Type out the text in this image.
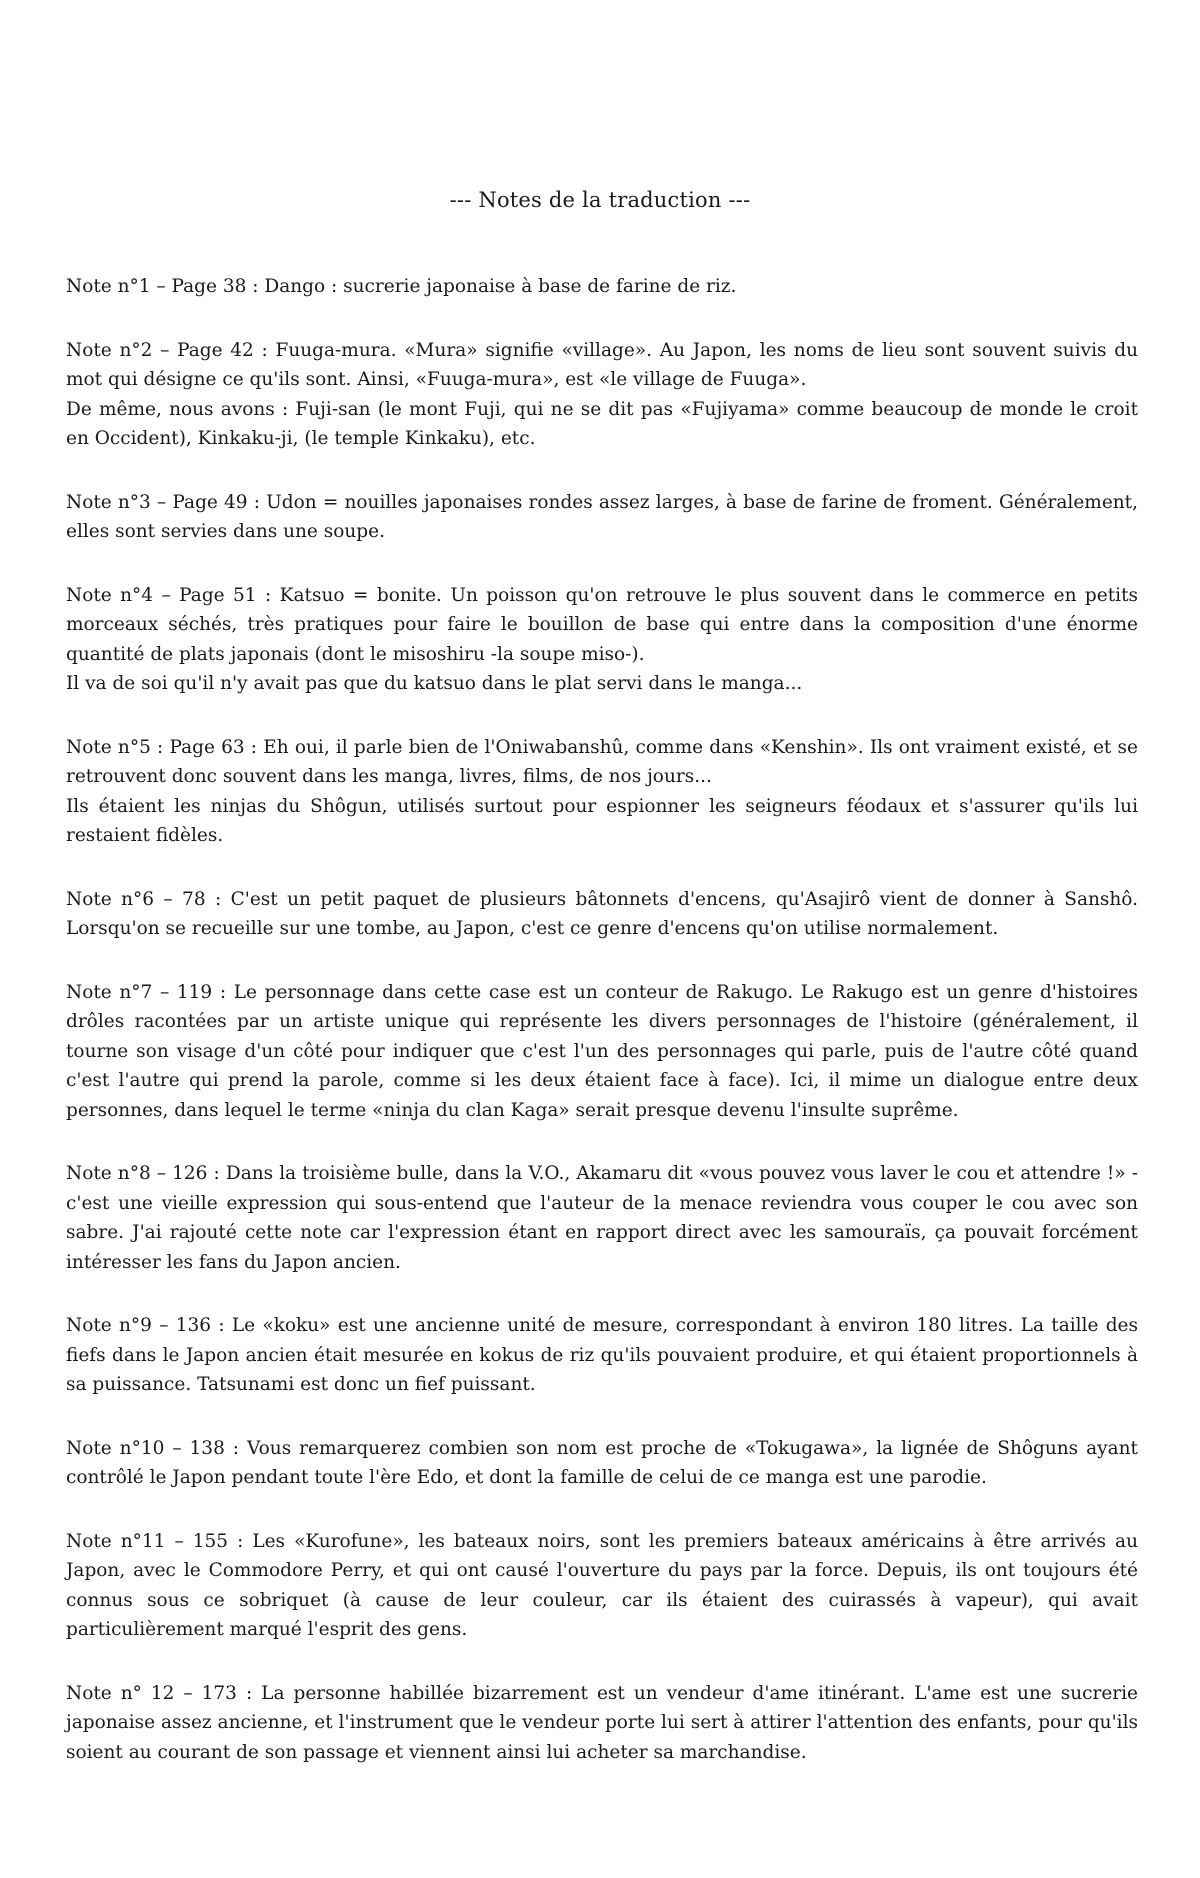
--- Notes de la traduction ---

Note n°1 – Page 38 : Dango : sucrerie japonaise à base de farine de riz.

Note n°2 – Page 42 : Fuuga-mura. «Mura» signifie «village». Au Japon, les noms de lieu sont souvent suivis du mot qui désigne ce qu'ils sont. Ainsi, «Fuuga-mura», est «le village de Fuuga».

De même, nous avons : Fuji-san (le mont Fuji, qui ne se dit pas «Fujiyama» comme beaucoup de monde le croit en Occident), Kinkaku-ji, (le temple Kinkaku), etc.

Note n°3 – Page 49 : Udon = nouilles japonaises rondes assez larges, à base de farine de froment. Généralement, elles sont servies dans une soupe.

Note n°4 – Page 51 : Katsuo = bonite. Un poisson qu'on retrouve le plus souvent dans le commerce en petits morceaux séchés, très pratiques pour faire le bouillon de base qui entre dans la composition d'une énorme quantité de plats japonais (dont le misoshiru -la soupe miso-).

Il va de soi qu'il n'y avait pas que du katsuo dans le plat servi dans le manga...

Note n°5 : Page 63 : Eh oui, il parle bien de l'Oniwabanshû, comme dans «Kenshin». Ils ont vraiment existé, et se retrouvent donc souvent dans les manga, livres, films, de nos jours...

Ils étaient les ninjas du Shôgun, utilisés surtout pour espionner les seigneurs féodaux et s'assurer qu'ils lui restaient fidèles.

Note n°6 – 78 : C'est un petit paquet de plusieurs bâtonnets d'encens, qu'Asajirô vient de donner à Sanshô. Lorsqu'on se recueille sur une tombe, au Japon, c'est ce genre d'encens qu'on utilise normalement.

Note n°7 – 119 : Le personnage dans cette case est un conteur de Rakugo. Le Rakugo est un genre d'histoires drôles racontées par un artiste unique qui représente les divers personnages de l'histoire (généralement, il tourne son visage d'un côté pour indiquer que c'est l'un des personnages qui parle, puis de l'autre côté quand c'est l'autre qui prend la parole, comme si les deux étaient face à face). Ici, il mime un dialogue entre deux personnes, dans lequel le terme «ninja du clan Kaga» serait presque devenu l'insulte suprême.

Note n°8 – 126 : Dans la troisième bulle, dans la V.O., Akamaru dit «vous pouvez vous laver le cou et attendre !» - c'est une vieille expression qui sous-entend que l'auteur de la menace reviendra vous couper le cou avec son sabre. J'ai rajouté cette note car l'expression étant en rapport direct avec les samouraïs, ça pouvait forcément intéresser les fans du Japon ancien.

Note n°9 – 136 : Le «koku» est une ancienne unité de mesure, correspondant à environ 180 litres. La taille des fiefs dans le Japon ancien était mesurée en kokus de riz qu'ils pouvaient produire, et qui étaient proportionnels à sa puissance. Tatsunami est donc un fief puissant.

Note n°10 – 138 : Vous remarquerez combien son nom est proche de «Tokugawa», la lignée de Shôguns ayant contrôlé le Japon pendant toute l'ère Edo, et dont la famille de celui de ce manga est une parodie.

Note n°11 – 155 : Les «Kurofune», les bateaux noirs, sont les premiers bateaux américains à être arrivés au Japon, avec le Commodore Perry, et qui ont causé l'ouverture du pays par la force. Depuis, ils ont toujours été connus sous ce sobriquet (à cause de leur couleur, car ils étaient des cuirassés à vapeur), qui avait particulièrement marqué l'esprit des gens.

Note n° 12 – 173 : La personne habillée bizarrement est un vendeur d'ame itinérant. L'ame est une sucrerie japonaise assez ancienne, et l'instrument que le vendeur porte lui sert à attirer l'attention des enfants, pour qu'ils soient au courant de son passage et viennent ainsi lui acheter sa marchandise.
